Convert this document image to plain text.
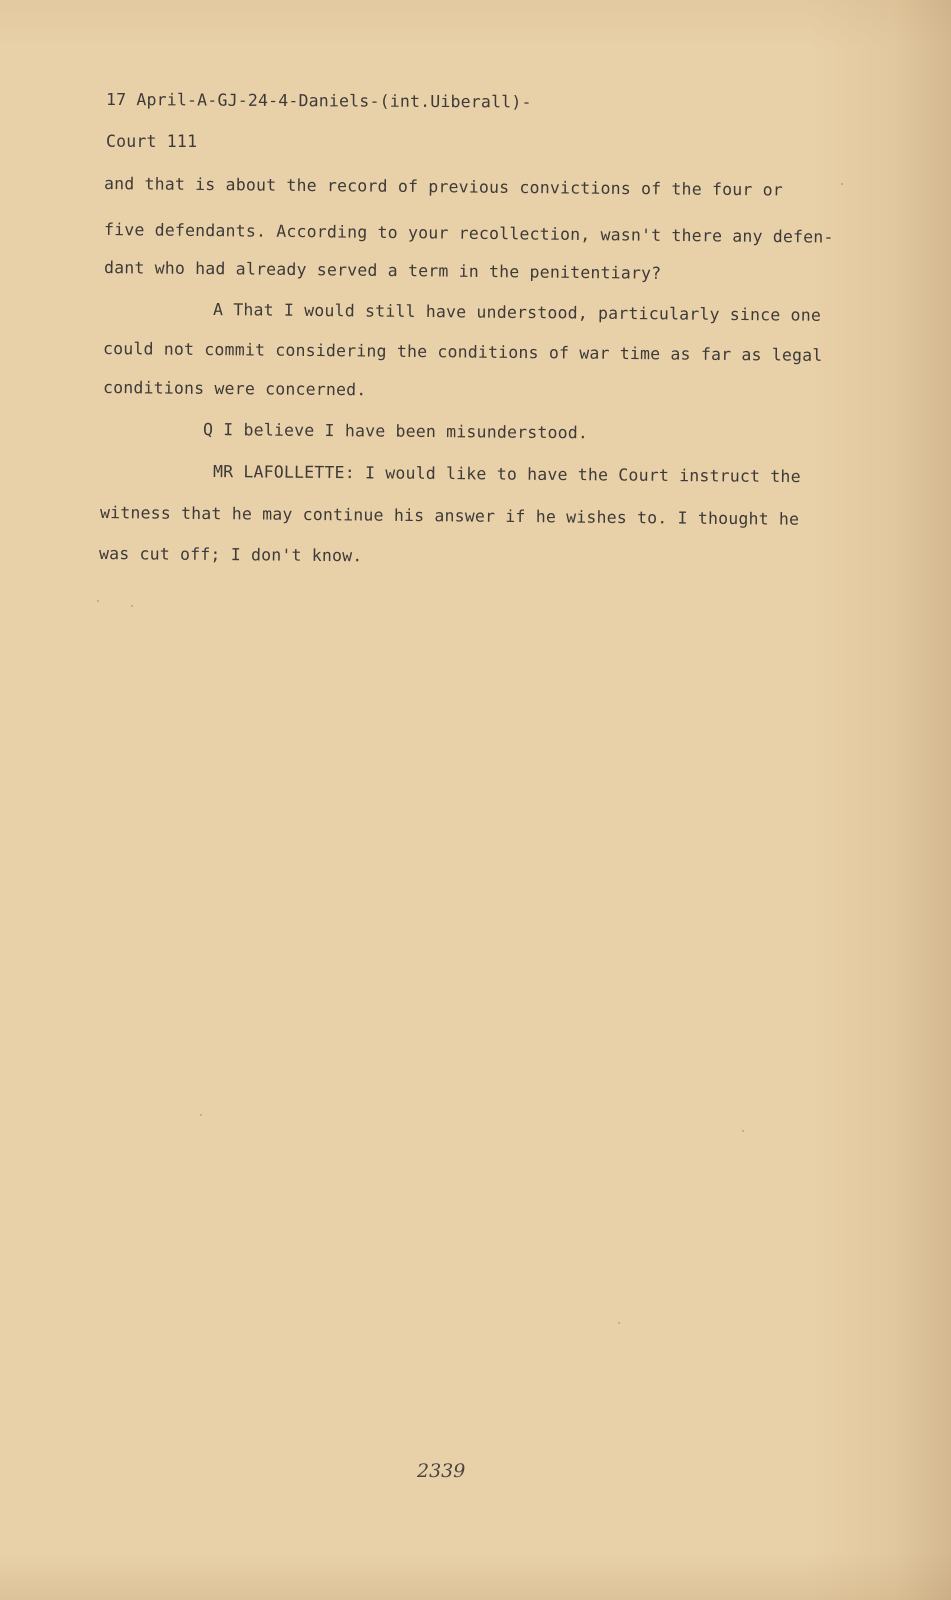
17 April-A-GJ-24-4-Daniels-(int.Uiberall)-
Court 111
and that is about the record of previous convictions of the four or
five defendants. According to your recollection, wasn't there any defen-
dant who had already served a term in the penitentiary?
A That I would still have understood, particularly since one
could not commit considering the conditions of war time as far as legal
conditions were concerned.
Q I believe I have been misunderstood.
MR LAFOLLETTE: I would like to have the Court instruct the
witness that he may continue his answer if he wishes to. I thought he
was cut off; I don't know.
2339
